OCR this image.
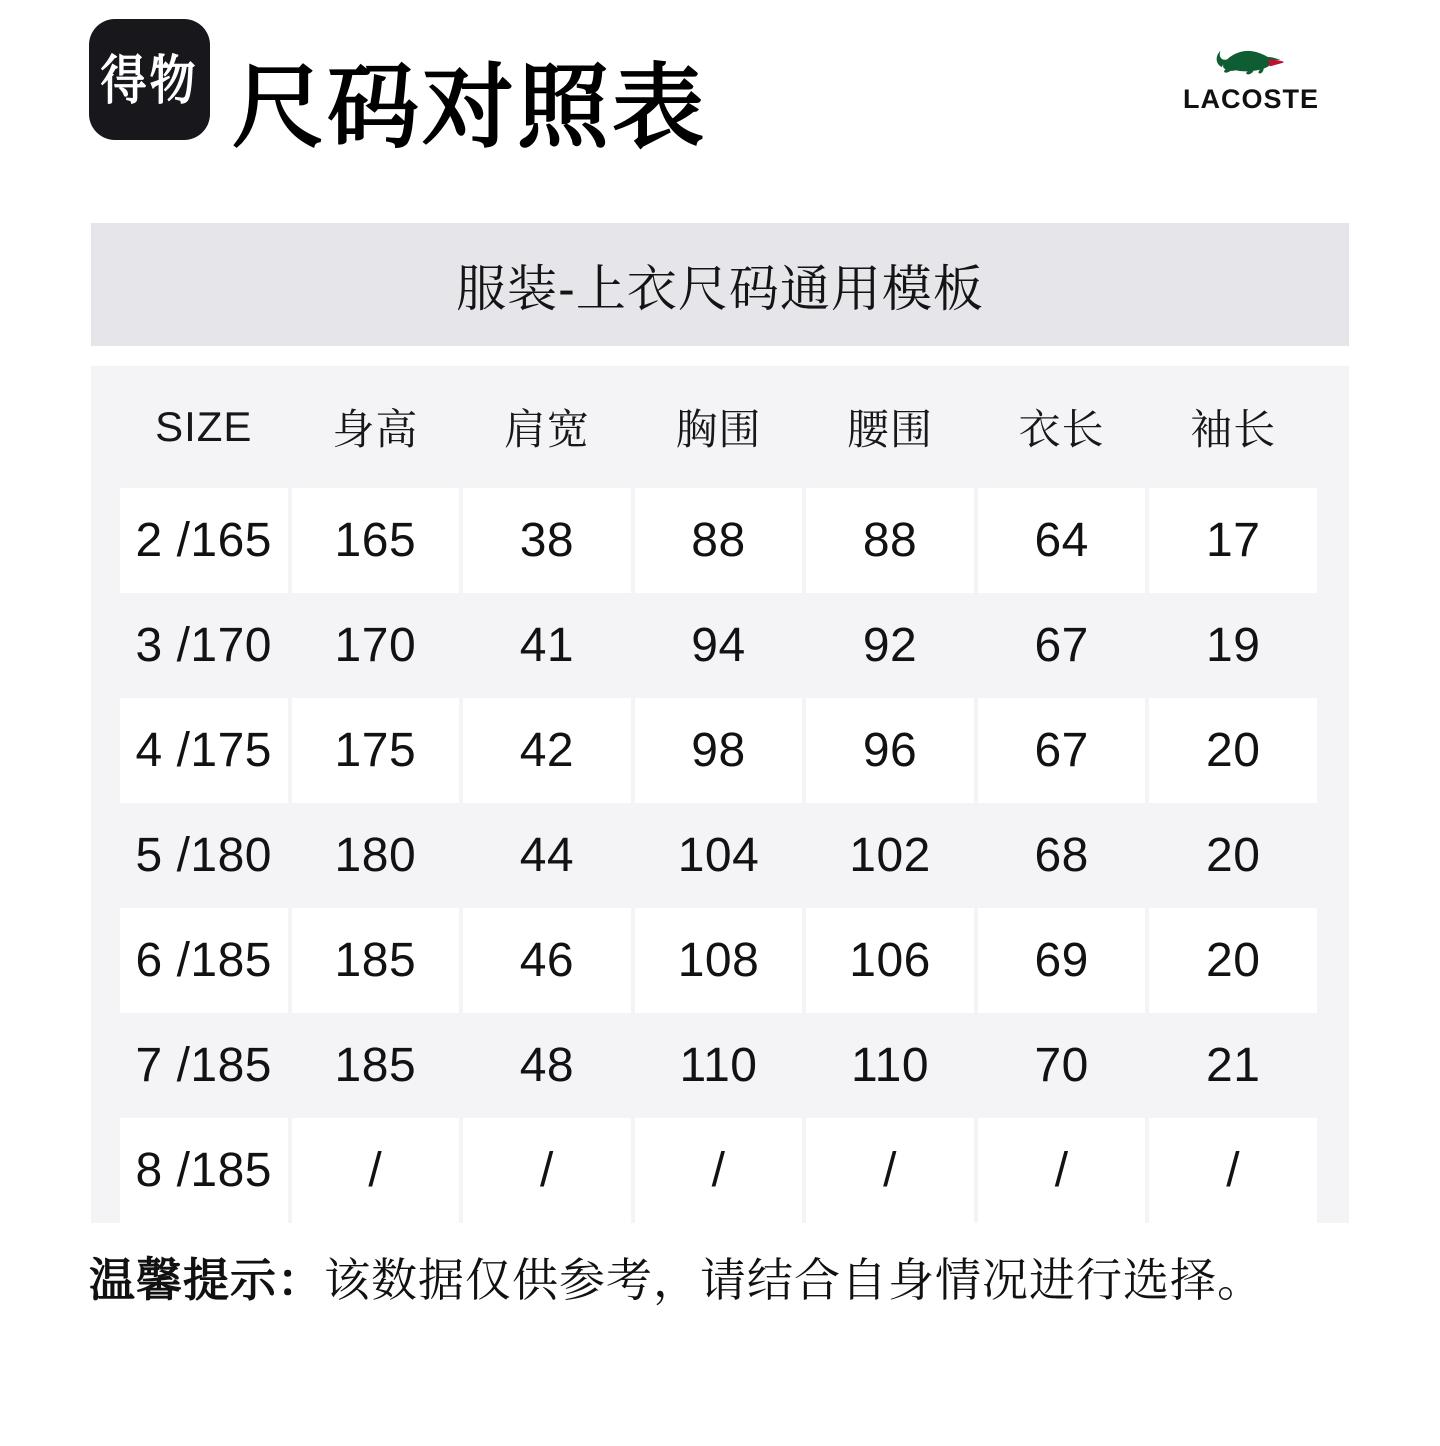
得物 尺码对照表	LACOSTE
服装-上衣尺码通用模板
SIZE	身高	肩宽	胸围	腰围	衣长	袖长
2 /165	165	38	88	88	64	17
3 /170	170	41	94	92	67	19
4 /175	175	42	98	96	67	20
5 /180	180	44	104	102	68	20
6 /185	185	46	108	106	69	20
7 /185	185	48	110	110	70	21
8 /185	/	/	/	/	/	/
温馨提示：该数据仅供参考，请结合自身情况进行选择。
